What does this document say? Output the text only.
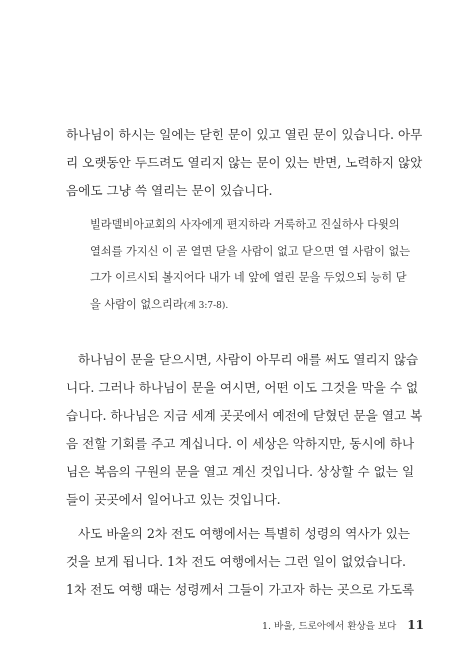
하나님이 하시는 일에는 닫힌 문이 있고 열린 문이 있습니다. 아무
리 오랫동안 두드려도 열리지 않는 문이 있는 반면, 노력하지 않았
음에도 그냥 쓱 열리는 문이 있습니다.

빌라델비아교회의 사자에게 편지하라 거룩하고 진실하사 다윗의
열쇠를 가지신 이 곧 열면 닫을 사람이 없고 닫으면 열 사람이 없는
그가 이르시되 볼지어다 내가 네 앞에 열린 문을 두었으되 능히 닫
을 사람이 없으리라(계 3:7-8).

하나님이 문을 닫으시면, 사람이 아무리 애를 써도 열리지 않습
니다. 그러나 하나님이 문을 여시면, 어떤 이도 그것을 막을 수 없
습니다. 하나님은 지금 세계 곳곳에서 예전에 닫혔던 문을 열고 복
음 전할 기회를 주고 계십니다. 이 세상은 악하지만, 동시에 하나
님은 복음의 구원의 문을 열고 계신 것입니다. 상상할 수 없는 일
들이 곳곳에서 일어나고 있는 것입니다.

사도 바울의 2차 전도 여행에서는 특별히 성령의 역사가 있는
것을 보게 됩니다. 1차 전도 여행에서는 그런 일이 없었습니다.
1차 전도 여행 때는 성령께서 그들이 가고자 하는 곳으로 가도록

1. 바울, 드로아에서 환상을 보다 11
